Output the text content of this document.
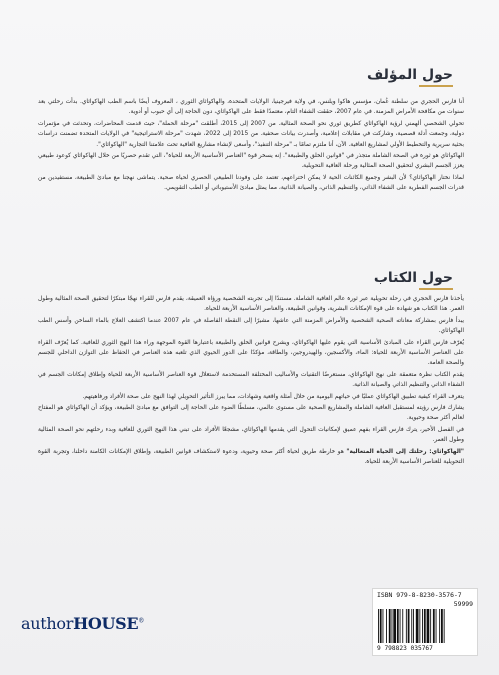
حول المؤلف

أنا فارس الحجري من سلطنة عُمان، مؤسس هاكوا ويلنس، في ولاية فيرجينيا، الولايات المتحدة، والهاكواثاي الثوري ، المعروف أيضًا باسم الطب الهاكواثاي. بدأت رحلتي بعد سنوات من مكافحة الأمراض المزمنة. في عام 2007، حققت الشفاء التام، معتمدًا فقط على الهاكواثاي، دون الحاجة إلى أي حبوب أو أدوية.

تحولي الشخصي ألهمني لرؤية الهاكواثاي كطريق ثوري نحو الصحة المثالية. من 2007 إلى 2015، أطلقت "مرحلة الحملة"، حيث قدمت المحاضرات، وتحدثت في مؤتمرات دولية، وجمعت أدلة قصصية، وشاركت في مقابلات إعلامية، وأصدرت بيانات صحفية. من 2015 إلى 2022، شهدت "مرحلة الاستراتيجية" في الولايات المتحدة تضمنت دراسات بحثية سريرية والتخطيط الأولي لمشاريع العافية. الآن، أنا ملتزم تمامًا بـ "مرحلة التنفيذ"، وأسعى لإنشاء مشاريع العافية تحت علامتنا التجارية "الهاكواثاي".

الهاكواثاي هو ثورة في الصحة الشاملة متجذر في "قوانين الخلق والطبيعة". إنه يسخر قوة "العناصر الأساسية الأربعة للحياة"، التي تقدم حصريًا من خلال الهاكواثاي كوعود طبيعي يعزز الجسم البشري لتحقيق الصحة المثالية ورحلة العافية التحويلية.

لماذا نختار الهاكواثاي؟ لأن البشر وجميع الكائنات الحية لا يمكن اختراعهم، تعتمد على وفودنا الطبيعي الحصري لحياة صحية. يتماشى نهجنا مع مبادئ الطبيعة، مستفيدين من قدرات الجسم الفطرية على الشفاء الذاتي، والتنظيم الذاتي، والصيانة الذاتية، مما يمثل مبادئ الأستيوباثي أو الطب التقويمي.

حول الكتاب

يأخذنا فارس الحجري في رحلة تحويلية عبر ثورة عالم العافية الشاملة. مستندًا إلى تجربته الشخصية ورؤاه العميقة، يقدم فارس للقراء نهجًا مبتكرًا لتحقيق الصحة المثالية وطول العمر. هذا الكتاب هو شهادة على قوة الإمكانات البشرية، وقوانين الطبيعة، والعناصر الأساسية الأربعة للحياة.

يبدأ فارس بمشاركة معاناته الصحية الشخصية والأمراض المزمنة التي عاشها، مشيرًا إلى النقطة الفاصلة في عام 2007 عندما اكتشف العلاج بالماء الساخن وأسس الطب الهاكواثاي.

يُعرّف فارس القراء على المبادئ الأساسية التي يقوم عليها الهاكواثاي، ويشرح قوانين الخلق والطبيعة باعتبارها القوة الموجهة وراء هذا النهج الثوري للعافية. كما يُعرّف القراء على العناصر الأساسية الأربعة للحياة: الماء، والأكسجين، والهيدروجين، والطاقة، مؤكدًا على الدور الحيوي الذي تلعبه هذه العناصر في الحفاظ على التوازن الداخلي للجسم والصحة العامة.

يقدم الكتاب نظرة متعمقة على نهج الهاكواثاي، مستعرضًا التقنيات والأساليب المختلفة المستخدمة لاستغلال قوة العناصر الأساسية الأربعة للحياة وإطلاق إمكانات الجسم في الشفاء الذاتي والتنظيم الذاتي والصيانة الذاتية.

يتعرف القراء كيفية تطبيق الهاكواثاي عمليًا في حياتهم اليومية من خلال أمثلة واقعية وشهادات، مما يبرز التأثير التحويلي لهذا النهج على صحة الأفراد ورفاهيتهم.

يشارك فارس رؤيته لمستقبل العافية الشاملة والمشاريع الصحية على مستوى عالمي، مسلطًا الضوء على الحاجة إلى التوافق مع مبادئ الطبيعة، ويؤكد أن الهاكواثاي هو المفتاح لعالم أكثر صحة وحيوية.

في الفصل الأخير، يترك فارس القراء بفهم عميق لإمكانيات التحول التي يقدمها الهاكواثاي، مشجعًا الأفراد على تبني هذا النهج الثوري للعافية وبدء رحلتهم نحو الصحة المثالية وطول العمر.

"الهاكواثاي: رحلتك إلى الحياة المتعالية" هو خارطة طريق لحياة أكثر صحة وحيوية، ودعوة لاستكشاف قوانين الطبيعة، وإطلاق الإمكانات الكامنة داخلنا، وتجربة القوة التحويلية للعناصر الأساسية الأربعة للحياة.

authorHOUSE®
ISBN 979-8-8230-3576-7
59999
9 798823 035767
